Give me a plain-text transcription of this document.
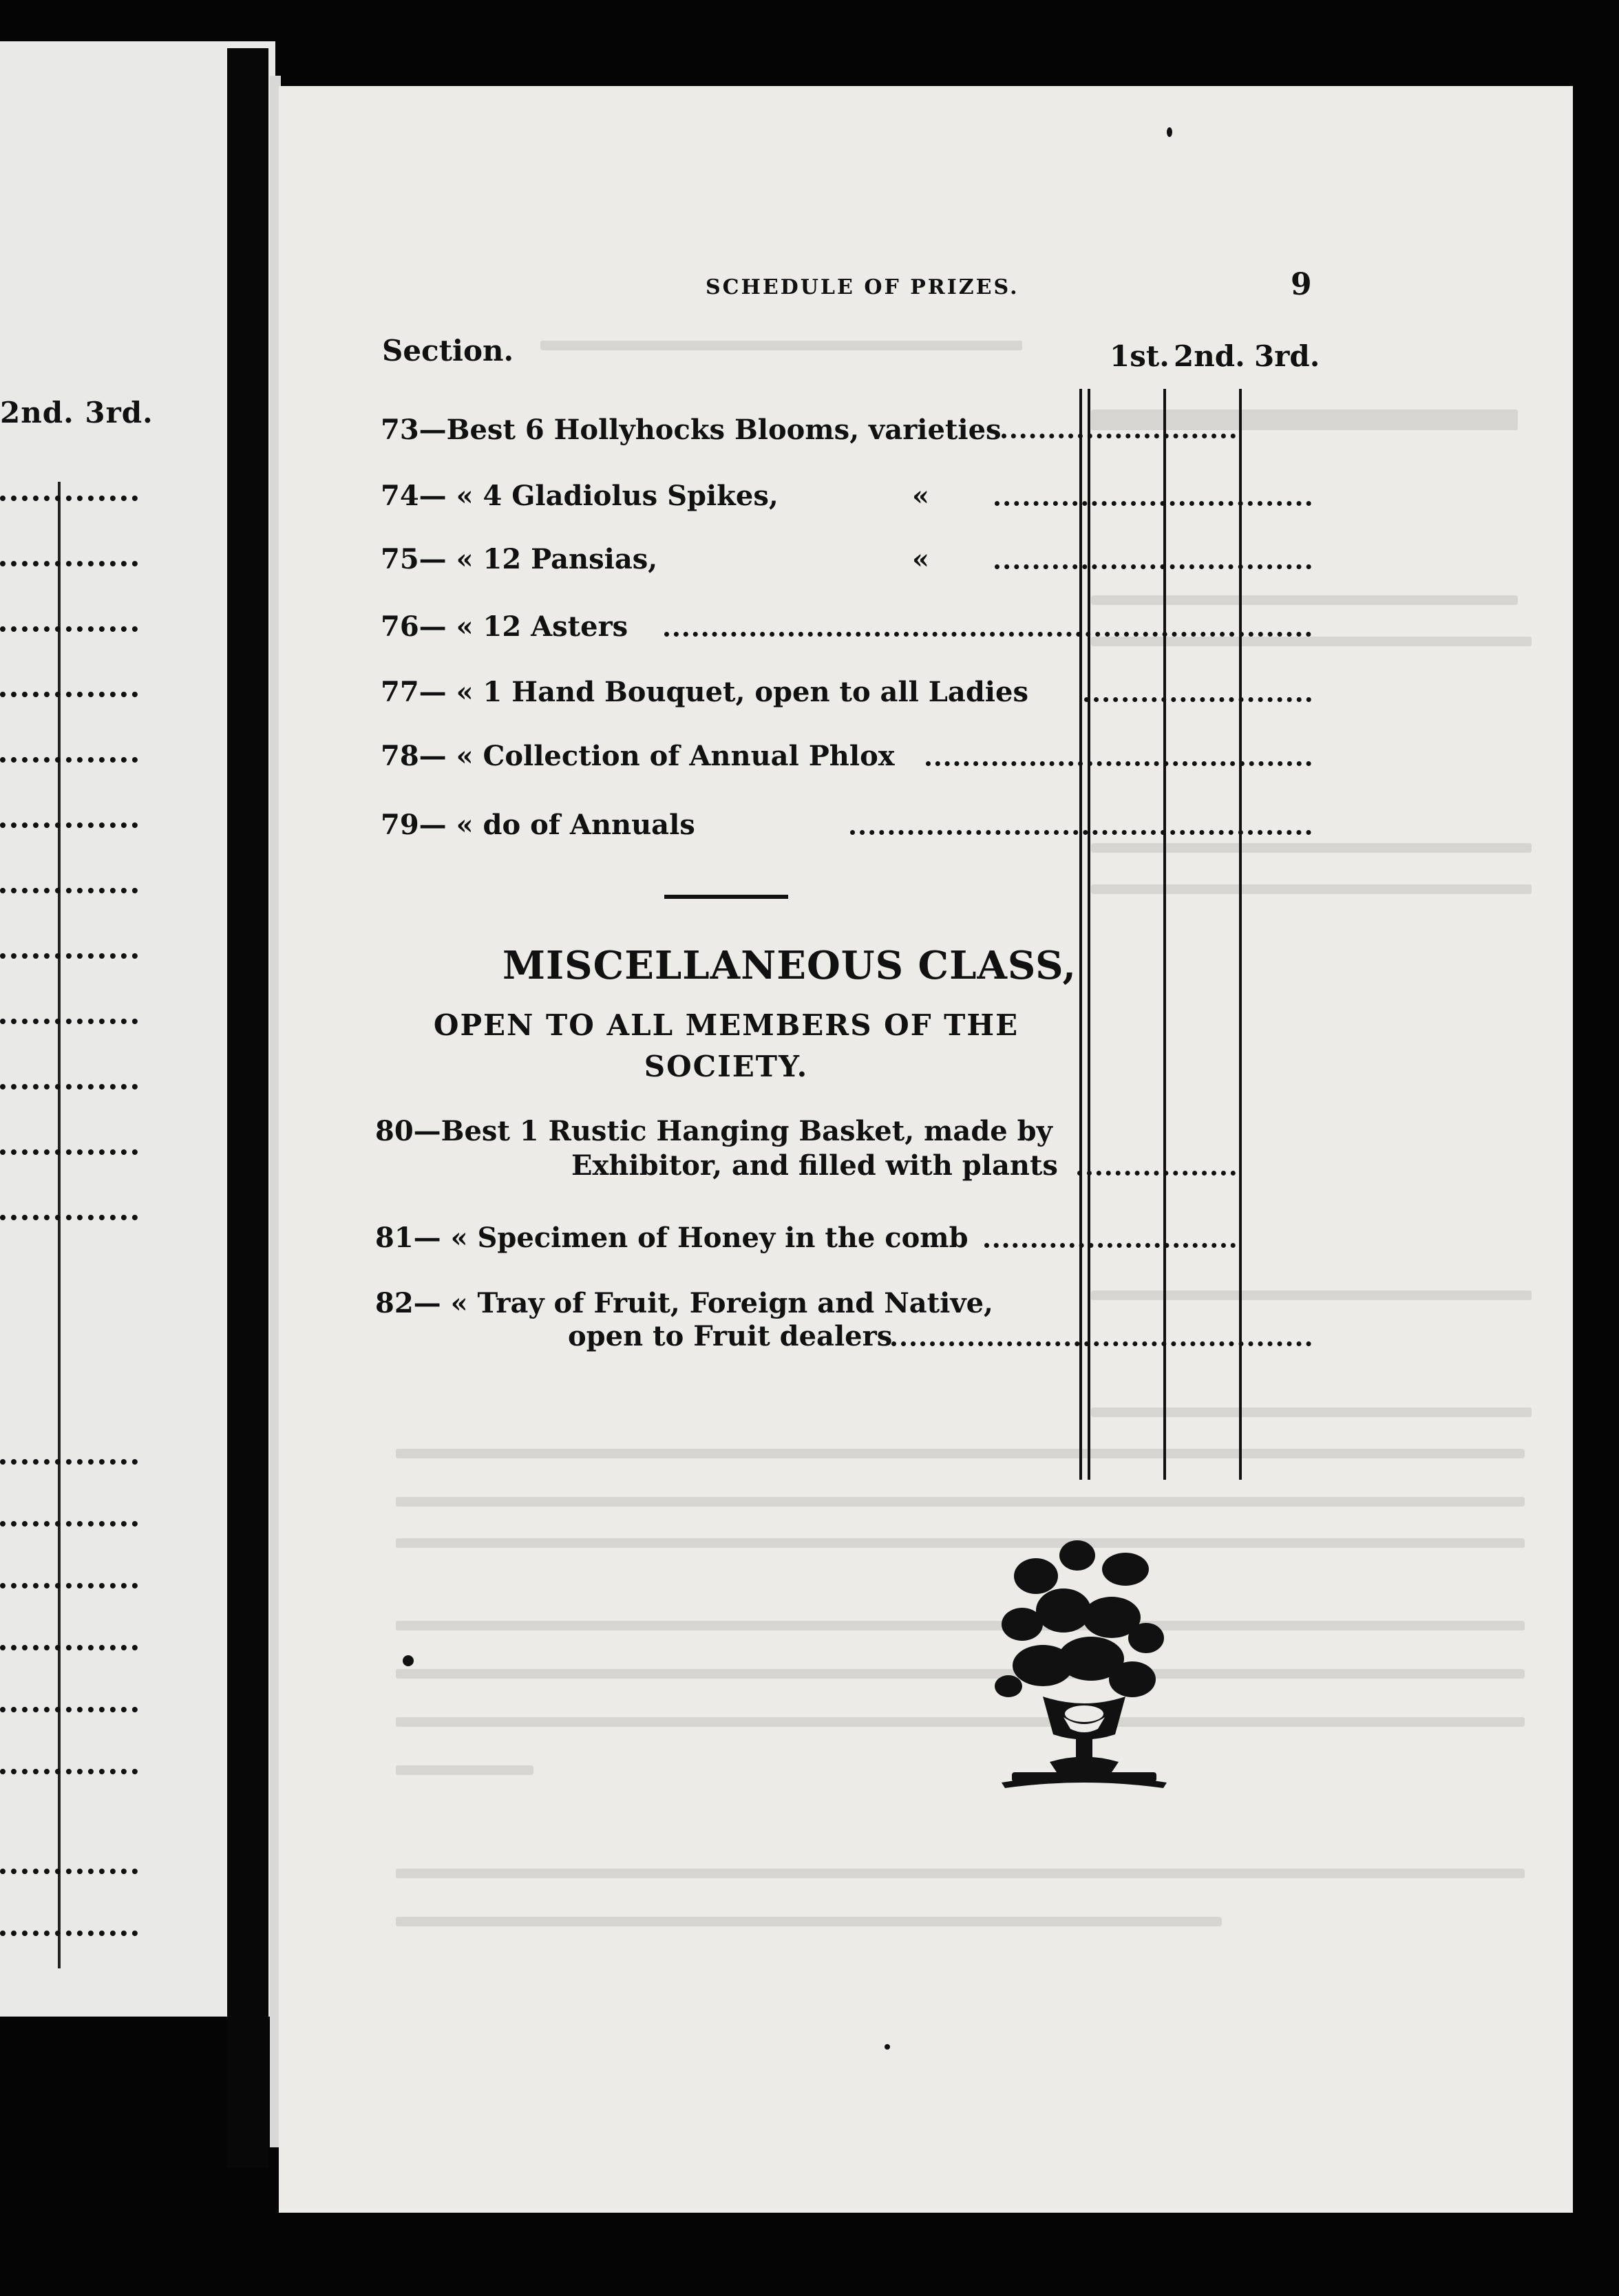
2nd. 3rd.
SCHEDULE OF PRIZES.	9
Section.	1st. 2nd. 3rd.
73—Best 6 Hollyhocks Blooms, varieties
74— « 4 Gladiolus Spikes,	«
75— « 12 Pansias,	«
76— « 12 Asters
77— « 1 Hand Bouquet, open to all Ladies
78— « Collection of Annual Phlox
79— « do of Annuals
MISCELLANEOUS CLASS,
OPEN TO ALL MEMBERS OF THE
SOCIETY.
80—Best 1 Rustic Hanging Basket, made by
Exhibitor, and filled with plants
81— « Specimen of Honey in the comb
82— « Tray of Fruit, Foreign and Native,
open to Fruit dealers
